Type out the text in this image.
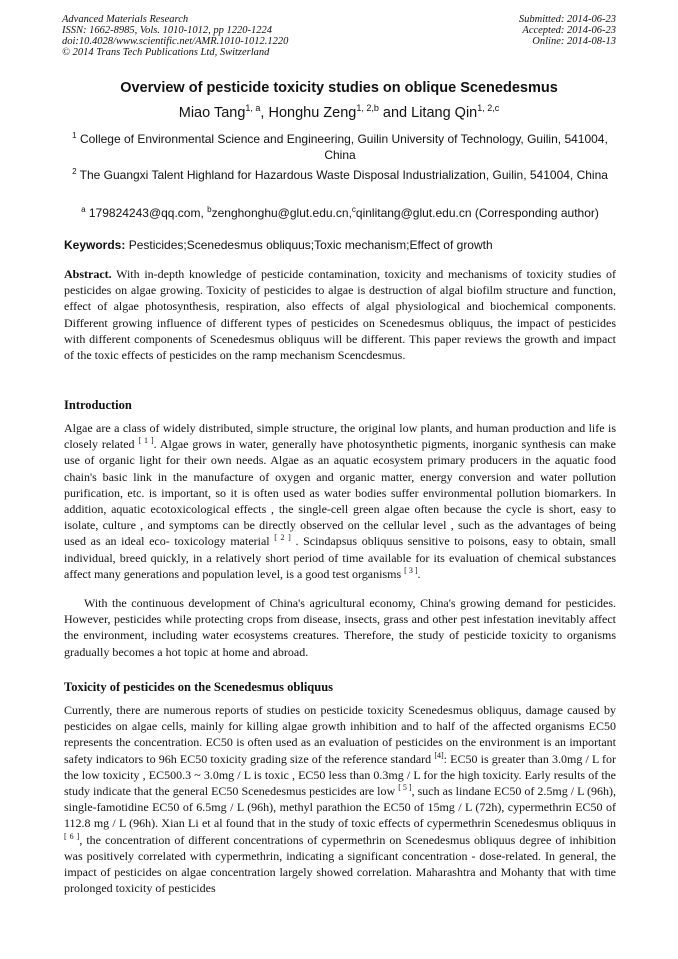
Advanced Materials Research
ISSN: 1662-8985, Vols. 1010-1012, pp 1220-1224
doi:10.4028/www.scientific.net/AMR.1010-1012.1220
© 2014 Trans Tech Publications Ltd, Switzerland
Submitted: 2014-06-23
Accepted: 2014-06-23
Online: 2014-08-13
Overview of pesticide toxicity studies on oblique Scenedesmus
Miao Tang$^{1, a}$, Honghu Zeng$^{1, 2,b}$ and Litang Qin$^{1, 2,c}$
$^1$ College of Environmental Science and Engineering, Guilin University of Technology, Guilin, 541004, China
$^2$ The Guangxi Talent Highland for Hazardous Waste Disposal Industrialization, Guilin, 541004, China
$^a$ 179824243@qq.com, $^b$zenghonghu@glut.edu.cn,$^c$qinlitang@glut.edu.cn (Corresponding author)
Keywords: Pesticides;Scenedesmus obliquus;Toxic mechanism;Effect of growth
Abstract. With in-depth knowledge of pesticide contamination, toxicity and mechanisms of toxicity studies of pesticides on algae growing. Toxicity of pesticides to algae is destruction of algal biofilm structure and function, effect of algae photosynthesis, respiration, also effects of algal physiological and biochemical components. Different growing influence of different types of pesticides on Scenedesmus obliquus, the impact of pesticides with different components of Scenedesmus obliquus will be different. This paper reviews the growth and impact of the toxic effects of pesticides on the ramp mechanism Scencdesmus.
Introduction
Algae are a class of widely distributed, simple structure, the original low plants, and human production and life is closely related [ 1 ]. Algae grows in water, generally have photosynthetic pigments, inorganic synthesis can make use of organic light for their own needs. Algae as an aquatic ecosystem primary producers in the aquatic food chain's basic link in the manufacture of oxygen and organic matter, energy conversion and water pollution purification, etc. is important, so it is often used as water bodies suffer environmental pollution biomarkers. In addition, aquatic ecotoxicological effects , the single-cell green algae often because the cycle is short, easy to isolate, culture , and symptoms can be directly observed on the cellular level , such as the advantages of being used as an ideal eco- toxicology material [ 2 ] . Scindapsus obliquus sensitive to poisons, easy to obtain, small individual, breed quickly, in a relatively short period of time available for its evaluation of chemical substances affect many generations and population level, is a good test organisms [ 3 ].
With the continuous development of China's agricultural economy, China's growing demand for pesticides. However, pesticides while protecting crops from disease, insects, grass and other pest infestation inevitably affect the environment, including water ecosystems creatures. Therefore, the study of pesticide toxicity to organisms gradually becomes a hot topic at home and abroad.
Toxicity of pesticides on the Scenedesmus obliquus
Currently, there are numerous reports of studies on pesticide toxicity Scenedesmus obliquus, damage caused by pesticides on algae cells, mainly for killing algae growth inhibition and to half of the affected organisms EC50 represents the concentration. EC50 is often used as an evaluation of pesticides on the environment is an important safety indicators to 96h EC50 toxicity grading size of the reference standard [4]: EC50 is greater than 3.0mg / L for the low toxicity , EC500.3 ~ 3.0mg / L is toxic , EC50 less than 0.3mg / L for the high toxicity. Early results of the study indicate that the general EC50 Scenedesmus pesticides are low [ 5 ], such as lindane EC50 of 2.5mg / L (96h), single-famotidine EC50 of 6.5mg / L (96h), methyl parathion the EC50 of 15mg / L (72h), cypermethrin EC50 of 112.8 mg / L (96h). Xian Li et al found that in the study of toxic effects of cypermethrin Scenedesmus obliquus in [ 6 ], the concentration of different concentrations of cypermethrin on Scenedesmus obliquus degree of inhibition was positively correlated with cypermethrin, indicating a significant concentration - dose-related. In general, the impact of pesticides on algae concentration largely showed correlation. Maharashtra and Mohanty that with time prolonged toxicity of pesticides
